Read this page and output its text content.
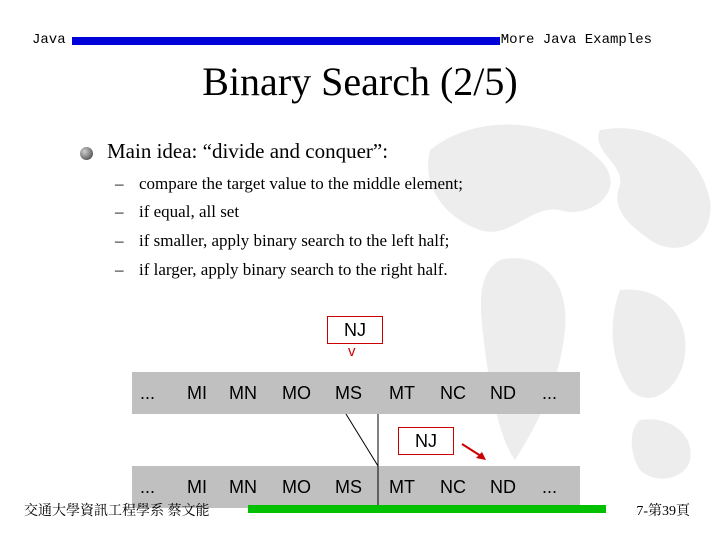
Java	More Java Examples
Binary Search (2/5)
Main idea: “divide and conquer”:
– compare the target value to the middle element;
– if equal, all set
– if smaller, apply binary search to the left half;
– if larger, apply binary search to the right half.
NJ
v
... MI MN MO MS MT NC ND ...
NJ
... MI MN MO MS MT NC ND ...
交通大學資訊工程學系 蔡文能	7-第39頁
